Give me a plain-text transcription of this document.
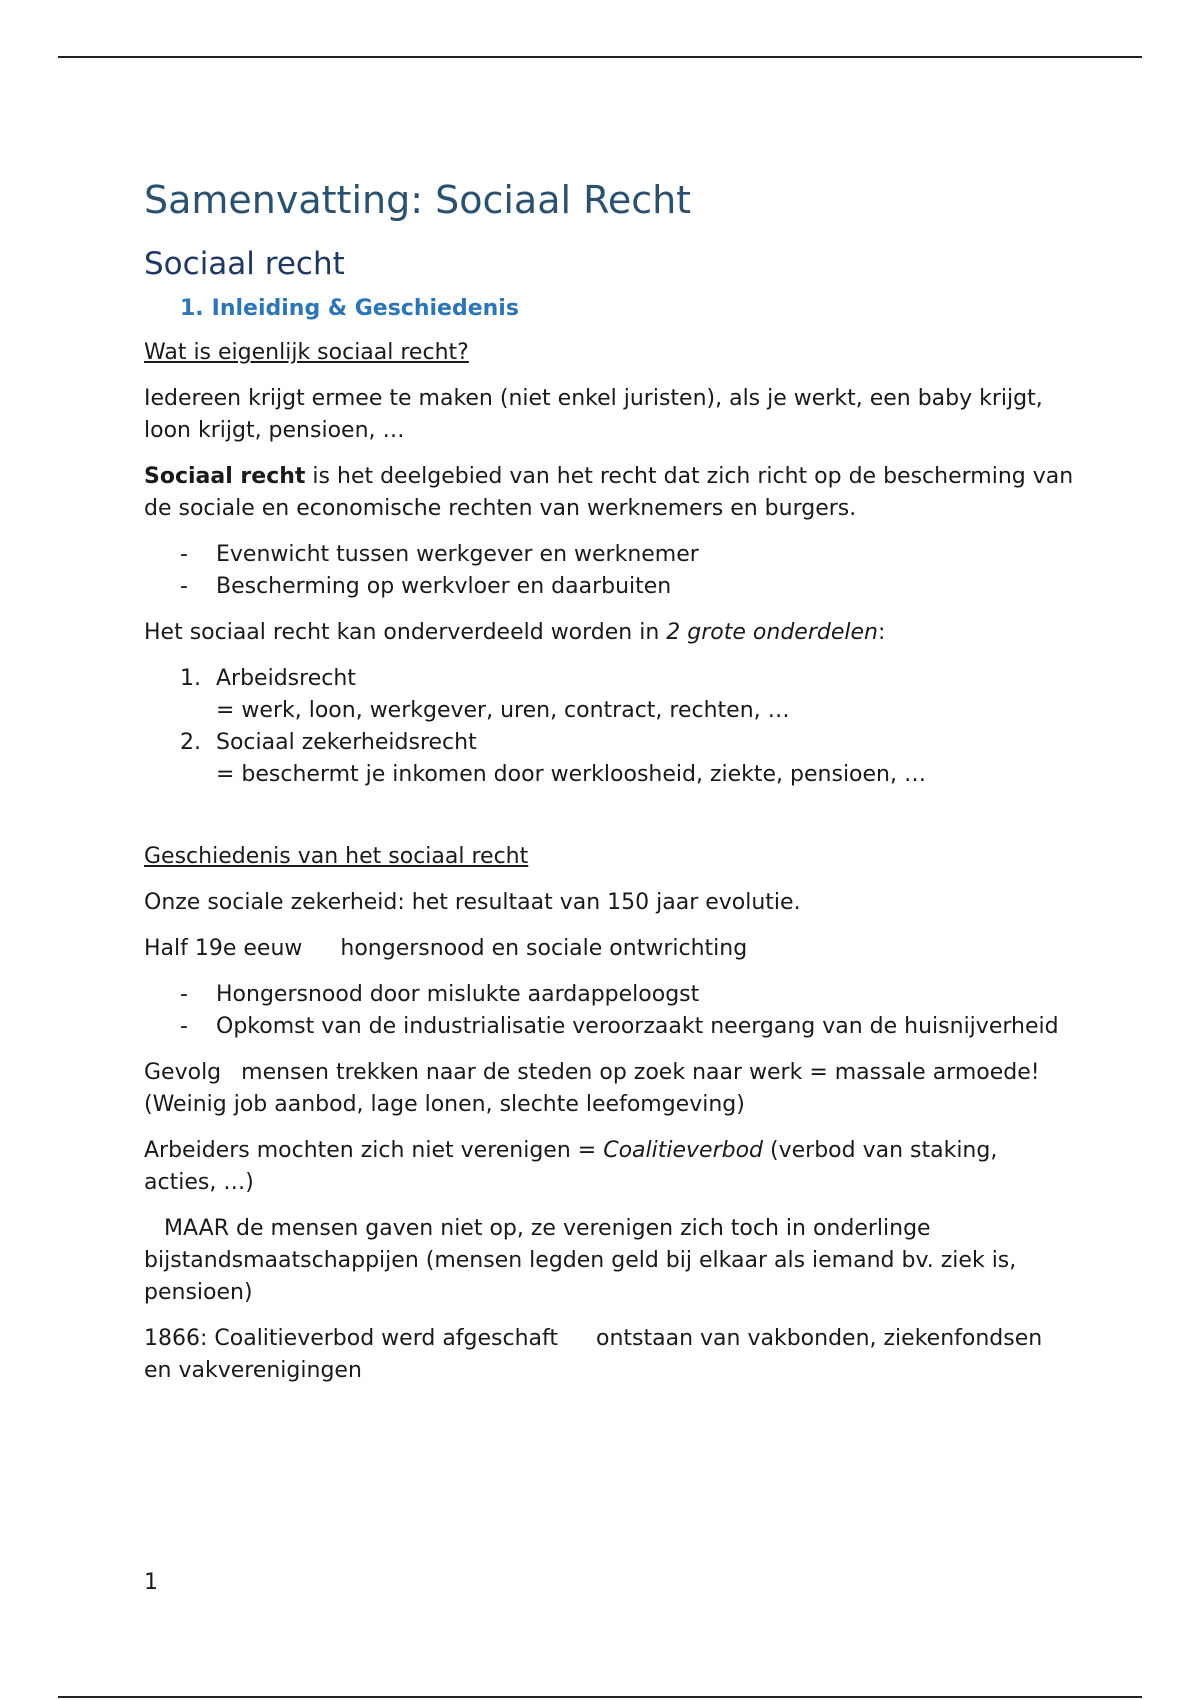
Samenvatting: Sociaal Recht
Sociaal recht
1. Inleiding & Geschiedenis

Wat is eigenlijk sociaal recht?

Iedereen krijgt ermee te maken (niet enkel juristen), als je werkt, een baby krijgt, loon krijgt, pensioen, …

Sociaal recht is het deelgebied van het recht dat zich richt op de bescherming van de sociale en economische rechten van werknemers en burgers.

- Evenwicht tussen werkgever en werknemer
- Bescherming op werkvloer en daarbuiten

Het sociaal recht kan onderverdeeld worden in 2 grote onderdelen:

1. Arbeidsrecht
= werk, loon, werkgever, uren, contract, rechten, …
2. Sociaal zekerheidsrecht
= beschermt je inkomen door werkloosheid, ziekte, pensioen, …

Geschiedenis van het sociaal recht

Onze sociale zekerheid: het resultaat van 150 jaar evolutie.

Half 19e eeuw hongersnood en sociale ontwrichting

- Hongersnood door mislukte aardappeloogst
- Opkomst van de industrialisatie veroorzaakt neergang van de huisnijverheid

Gevolg mensen trekken naar de steden op zoek naar werk = massale armoede! (Weinig job aanbod, lage lonen, slechte leefomgeving)

Arbeiders mochten zich niet verenigen = Coalitieverbod (verbod van staking, acties, …)

MAAR de mensen gaven niet op, ze verenigen zich toch in onderlinge bijstandsmaatschappijen (mensen legden geld bij elkaar als iemand bv. ziek is, pensioen)

1866: Coalitieverbod werd afgeschaft ontstaan van vakbonden, ziekenfondsen en vakverenigingen

1
